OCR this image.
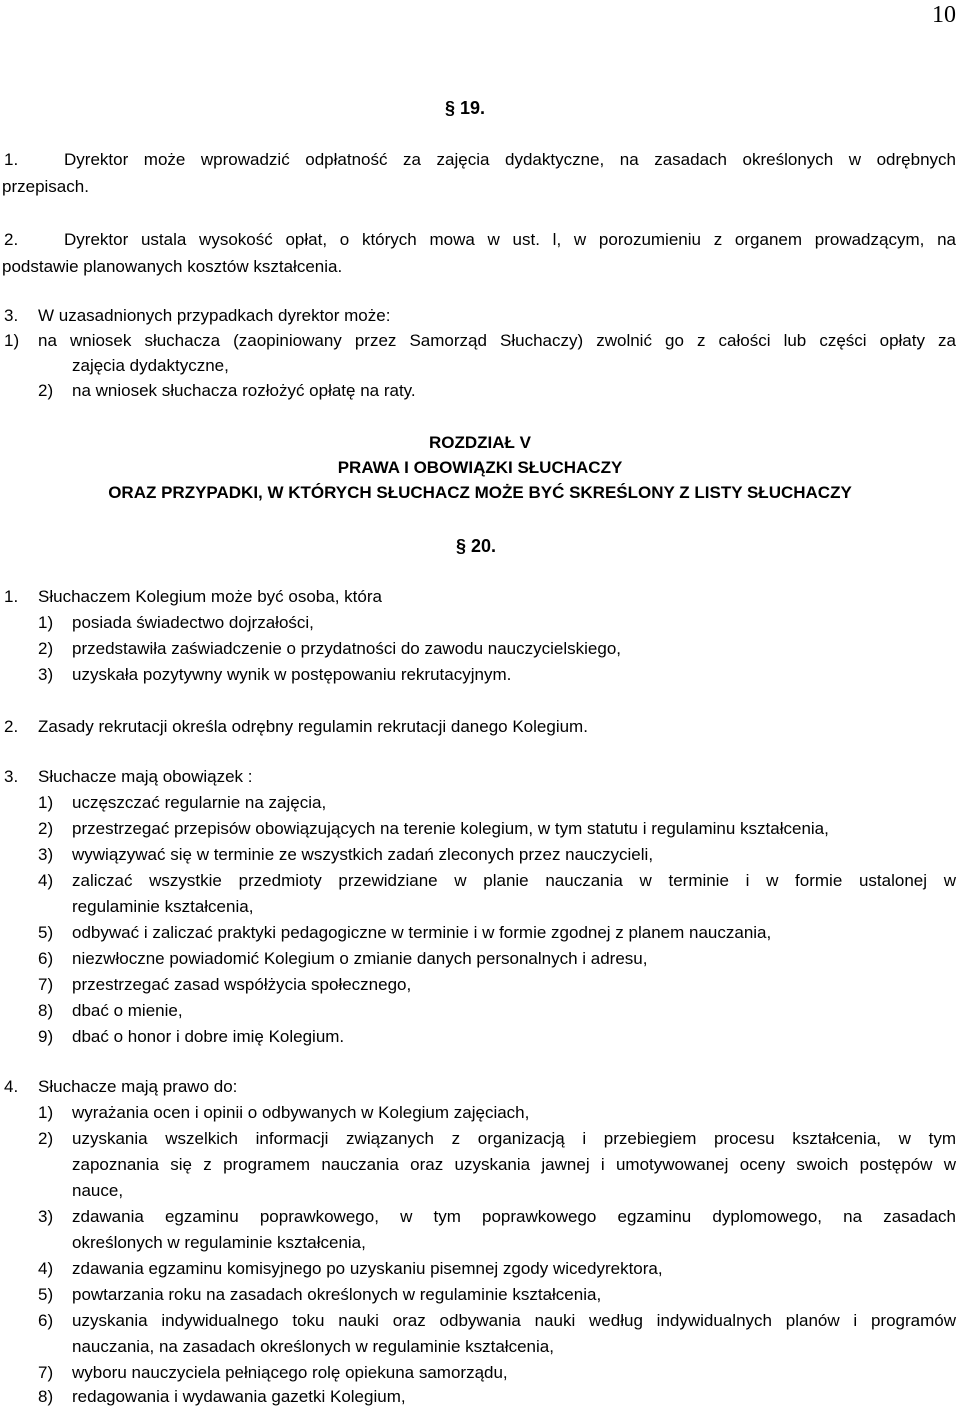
10
§ 19.
1.	Dyrektor może wprowadzić odpłatność za zajęcia dydaktyczne, na zasadach określonych w odrębnych
przepisach.
2.	Dyrektor ustala wysokość opłat, o których mowa w ust. l, w porozumieniu z organem prowadzącym, na
podstawie planowanych kosztów kształcenia.
3. W uzasadnionych przypadkach dyrektor może:
1) na wniosek słuchacza (zaopiniowany przez Samorząd Słuchaczy) zwolnić go z całości lub części opłaty za
zajęcia dydaktyczne,
2) na wniosek słuchacza rozłożyć opłatę na raty.
ROZDZIAŁ V
PRAWA I OBOWIĄZKI SŁUCHACZY
ORAZ PRZYPADKI, W KTÓRYCH SŁUCHACZ MOŻE BYĆ SKREŚLONY Z LISTY SŁUCHACZY
§ 20.
1. Słuchaczem Kolegium może być osoba, która
1) posiada świadectwo dojrzałości,
2) przedstawiła zaświadczenie o przydatności do zawodu nauczycielskiego,
3) uzyskała pozytywny wynik w postępowaniu rekrutacyjnym.
2. Zasady rekrutacji określa odrębny regulamin rekrutacji danego Kolegium.
3. Słuchacze mają obowiązek :
1) uczęszczać regularnie na zajęcia,
2) przestrzegać przepisów obowiązujących na terenie kolegium, w tym statutu i regulaminu kształcenia,
3) wywiązywać się w terminie ze wszystkich zadań zleconych przez nauczycieli,
4) zaliczać wszystkie przedmioty przewidziane w planie nauczania w terminie i w formie ustalonej w
regulaminie kształcenia,
5) odbywać i zaliczać praktyki pedagogiczne w terminie i w formie zgodnej z planem nauczania,
6) niezwłoczne powiadomić Kolegium o zmianie danych personalnych i adresu,
7) przestrzegać zasad współżycia społecznego,
8) dbać o mienie,
9) dbać o honor i dobre imię Kolegium.
4. Słuchacze mają prawo do:
1) wyrażania ocen i opinii o odbywanych w Kolegium zajęciach,
2) uzyskania wszelkich informacji związanych z organizacją i przebiegiem procesu kształcenia, w tym
zapoznania się z programem nauczania oraz uzyskania jawnej i umotywowanej oceny swoich postępów w
nauce,
3) zdawania egzaminu poprawkowego, w tym poprawkowego egzaminu dyplomowego, na zasadach
określonych w regulaminie kształcenia,
4) zdawania egzaminu komisyjnego po uzyskaniu pisemnej zgody wicedyrektora,
5) powtarzania roku na zasadach określonych w regulaminie kształcenia,
6) uzyskania indywidualnego toku nauki oraz odbywania nauki według indywidualnych planów i programów
nauczania, na zasadach określonych w regulaminie kształcenia,
7) wyboru nauczyciela pełniącego rolę opiekuna samorządu,
8) redagowania i wydawania gazetki Kolegium,
